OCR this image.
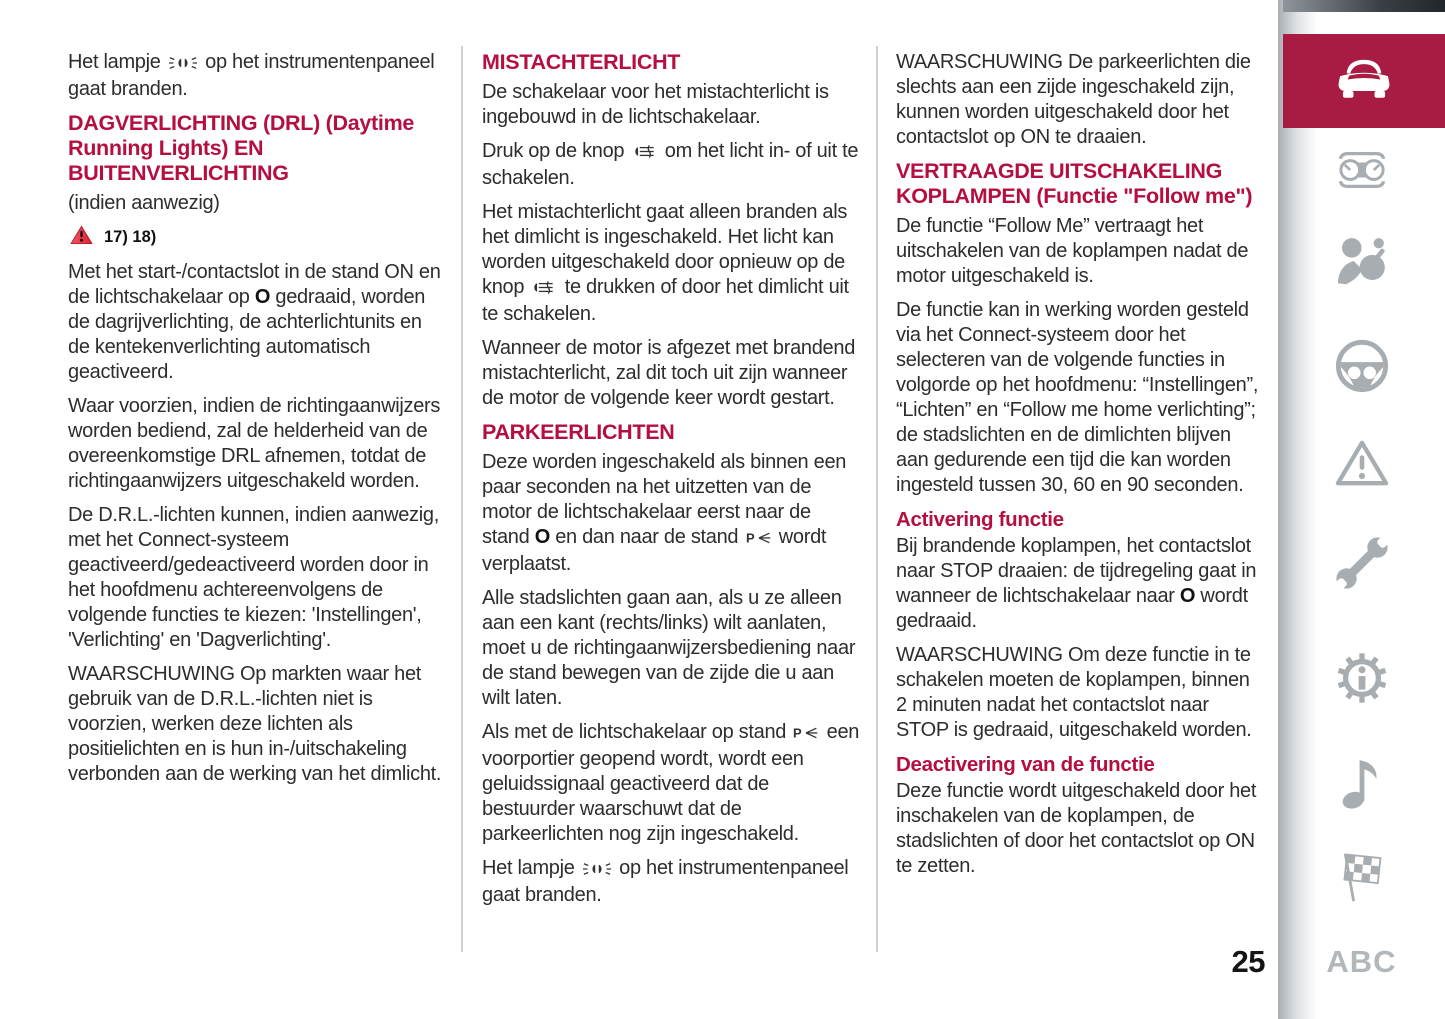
Het lampje  op het instrumentenpaneel gaat branden.

DAGVERLICHTING (DRL) (Daytime Running Lights) EN BUITENVERLICHTING

(indien aanwezig)

17) 18)

Met het start-/contactslot in de stand ON en de lichtschakelaar op O gedraaid, worden de dagrijverlichting, de achterlichtunits en de kentekenverlichting automatisch geactiveerd.

Waar voorzien, indien de richtingaanwijzers worden bediend, zal de helderheid van de overeenkomstige DRL afnemen, totdat de richtingaanwijzers uitgeschakeld worden.

De D.R.L.-lichten kunnen, indien aanwezig, met het Connect-systeem geactiveerd/gedeactiveerd worden door in het hoofdmenu achtereenvolgens de volgende functies te kiezen: 'Instellingen', 'Verlichting' en 'Dagverlichting'.

WAARSCHUWING Op markten waar het gebruik van de D.R.L.-lichten niet is voorzien, werken deze lichten als positielichten en is hun in-/uitschakeling verbonden aan de werking van het dimlicht.

MISTACHTERLICHT

De schakelaar voor het mistachterlicht is ingebouwd in de lichtschakelaar.

Druk op de knop  om het licht in- of uit te schakelen.

Het mistachterlicht gaat alleen branden als het dimlicht is ingeschakeld. Het licht kan worden uitgeschakeld door opnieuw op de knop  te drukken of door het dimlicht uit te schakelen.

Wanneer de motor is afgezet met brandend mistachterlicht, zal dit toch uit zijn wanneer de motor de volgende keer wordt gestart.

PARKEERLICHTEN

Deze worden ingeschakeld als binnen een paar seconden na het uitzetten van de motor de lichtschakelaar eerst naar de stand O en dan naar de stand P wordt verplaatst.

Alle stadslichten gaan aan, als u ze alleen aan een kant (rechts/links) wilt aanlaten, moet u de richtingaanwijzersbediening naar de stand bewegen van de zijde die u aan wilt laten.

Als met de lichtschakelaar op stand P een voorportier geopend wordt, wordt een geluidssignaal geactiveerd dat de bestuurder waarschuwt dat de parkeerlichten nog zijn ingeschakeld.

Het lampje  op het instrumentenpaneel gaat branden.

WAARSCHUWING De parkeerlichten die slechts aan een zijde ingeschakeld zijn, kunnen worden uitgeschakeld door het contactslot op ON te draaien.

VERTRAAGDE UITSCHAKELING KOPLAMPEN (Functie "Follow me")

De functie “Follow Me” vertraagt het uitschakelen van de koplampen nadat de motor uitgeschakeld is.

De functie kan in werking worden gesteld via het Connect-systeem door het selecteren van de volgende functies in volgorde op het hoofdmenu: “Instellingen”, “Lichten” en “Follow me home verlichting”; de stadslichten en de dimlichten blijven aan gedurende een tijd die kan worden ingesteld tussen 30, 60 en 90 seconden.

Activering functie

Bij brandende koplampen, het contactslot naar STOP draaien: de tijdregeling gaat in wanneer de lichtschakelaar naar O wordt gedraaid.

WAARSCHUWING Om deze functie in te schakelen moeten de koplampen, binnen 2 minuten nadat het contactslot naar STOP is gedraaid, uitgeschakeld worden.

Deactivering van de functie

Deze functie wordt uitgeschakeld door het inschakelen van de koplampen, de stadslichten of door het contactslot op ON te zetten.

25 ABC
